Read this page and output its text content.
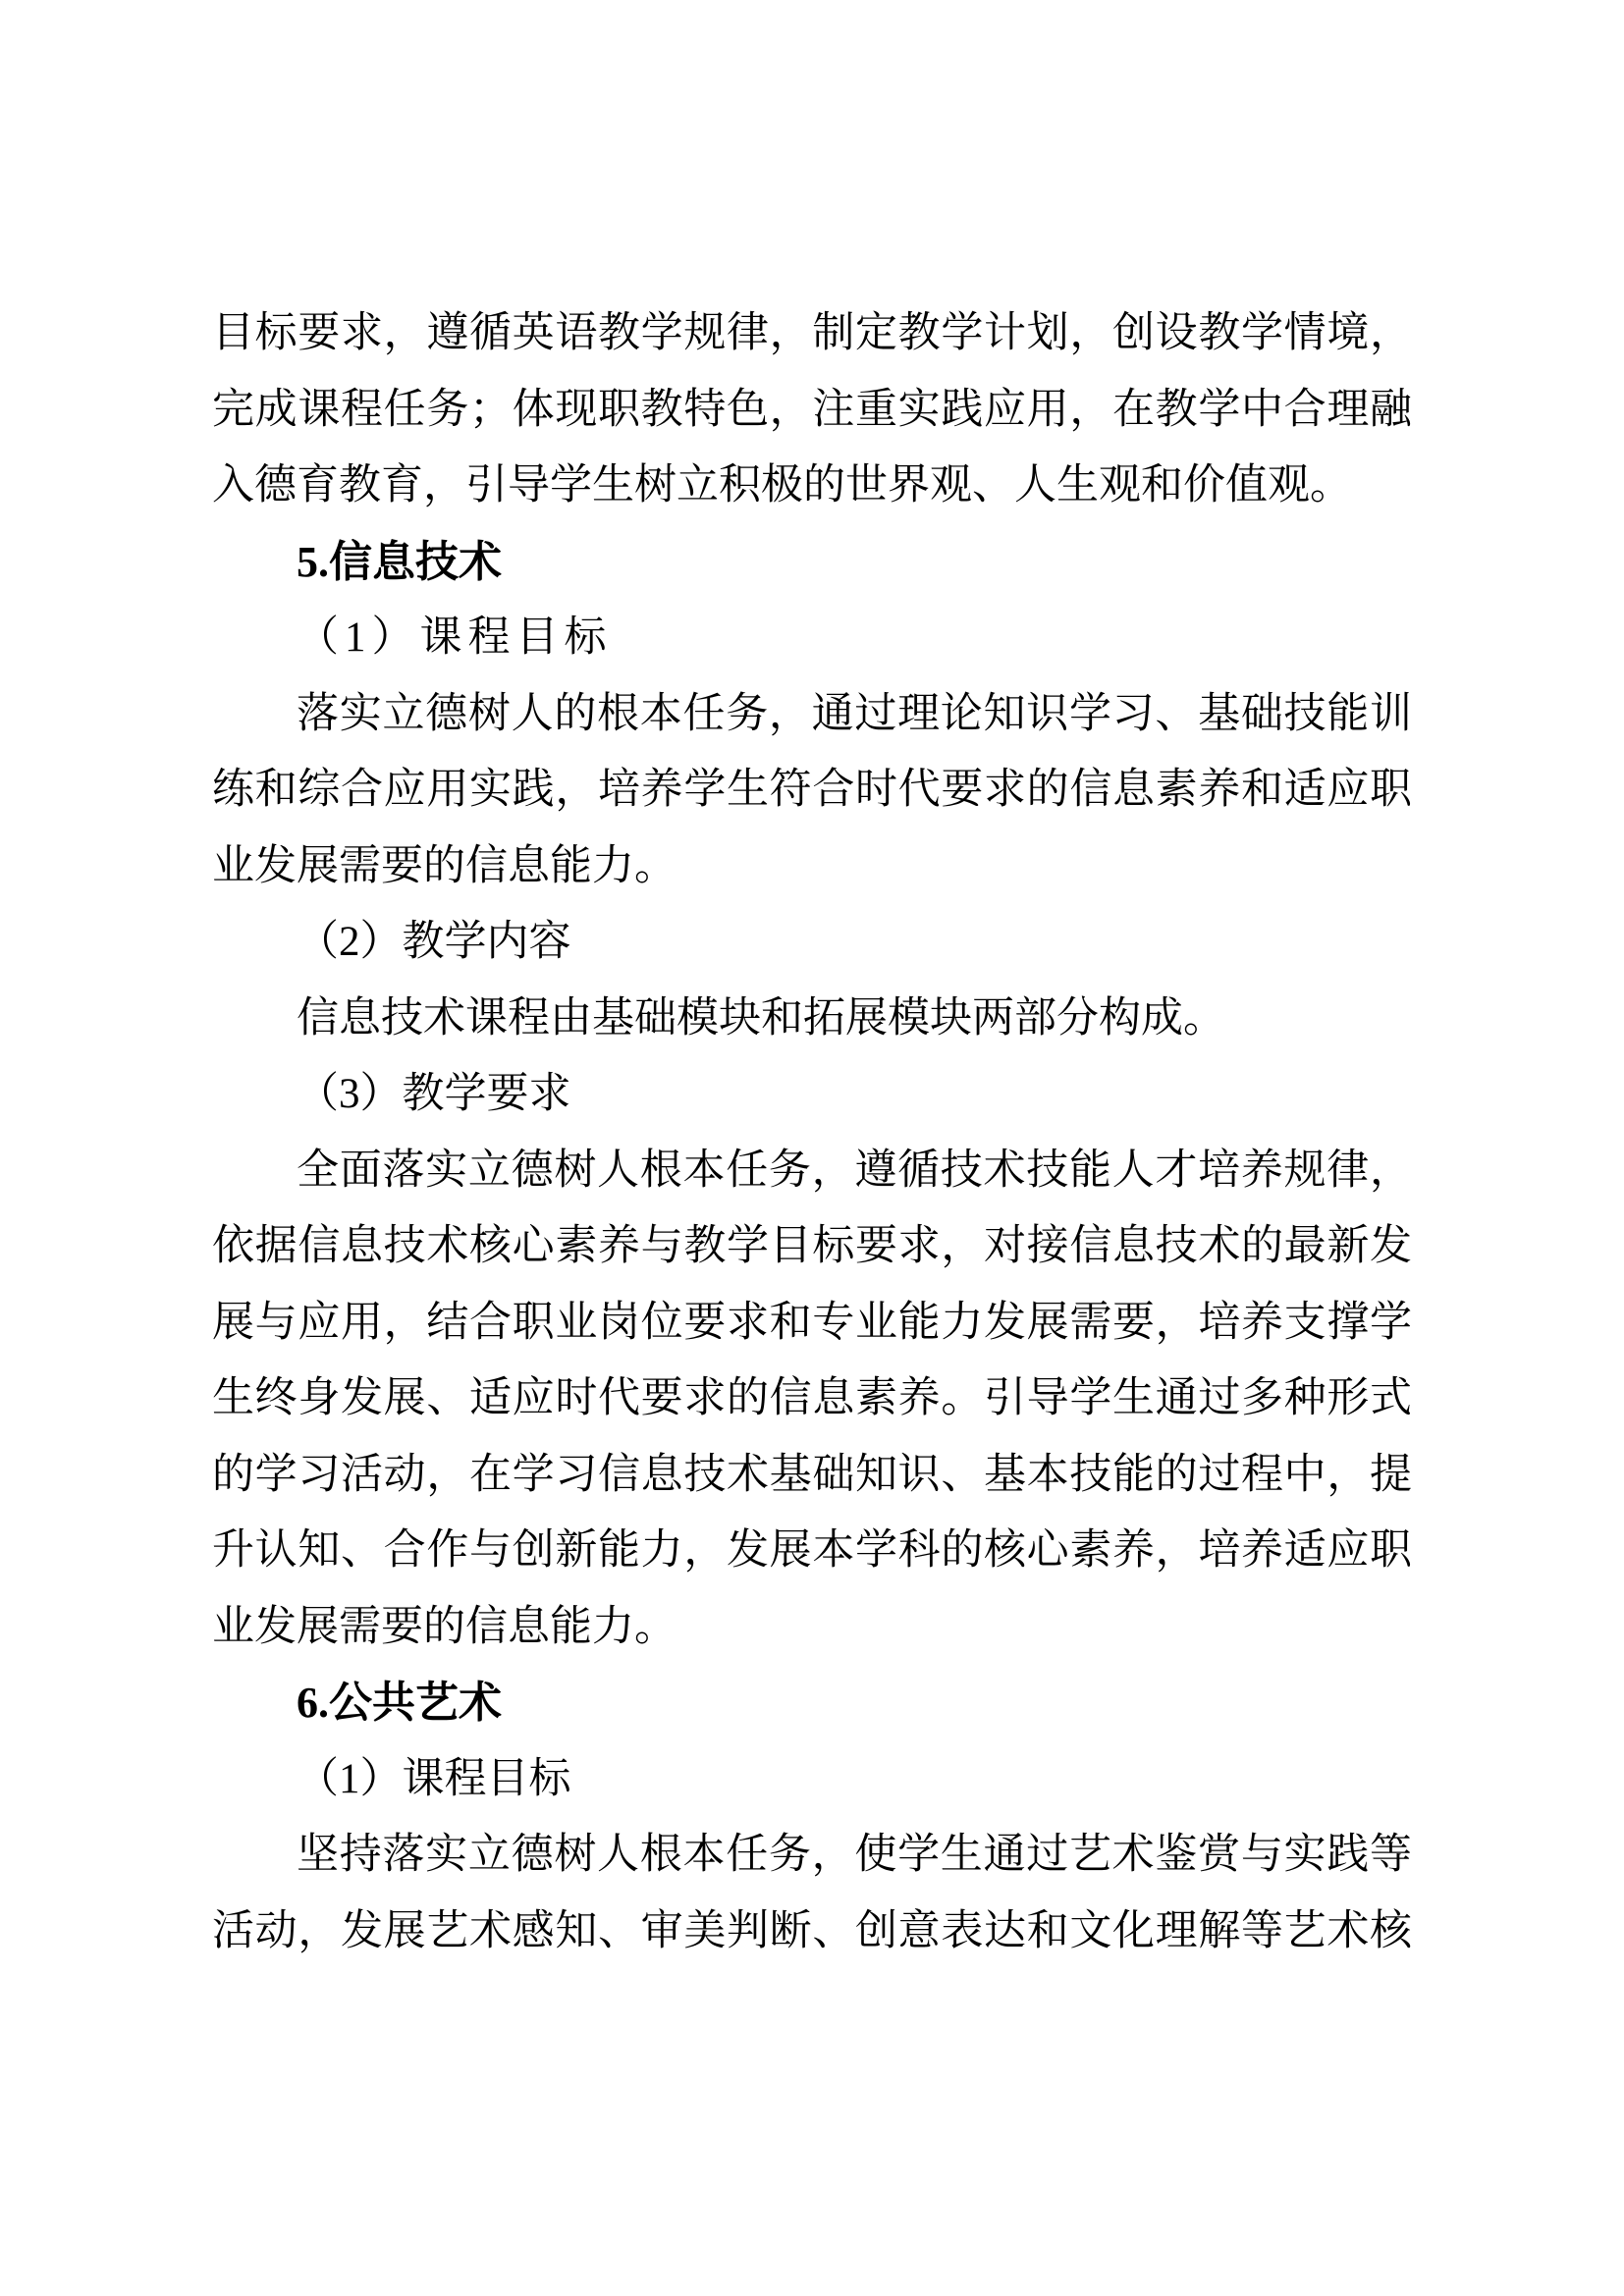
目标要求，遵循英语教学规律，制定教学计划，创设教学情境，
完成课程任务；体现职教特色，注重实践应用，在教学中合理融
入德育教育，引导学生树立积极的世界观、人生观和价值观。
5.信息技术
（1）课程目标
落实立德树人的根本任务，通过理论知识学习、基础技能训
练和综合应用实践，培养学生符合时代要求的信息素养和适应职
业发展需要的信息能力。
（2）教学内容
信息技术课程由基础模块和拓展模块两部分构成。
（3）教学要求
全面落实立德树人根本任务，遵循技术技能人才培养规律，
依据信息技术核心素养与教学目标要求，对接信息技术的最新发
展与应用，结合职业岗位要求和专业能力发展需要，培养支撑学
生终身发展、适应时代要求的信息素养。引导学生通过多种形式
的学习活动，在学习信息技术基础知识、基本技能的过程中，提
升认知、合作与创新能力，发展本学科的核心素养，培养适应职
业发展需要的信息能力。
6.公共艺术
（1）课程目标
坚持落实立德树人根本任务，使学生通过艺术鉴赏与实践等
活动，发展艺术感知、审美判断、创意表达和文化理解等艺术核
